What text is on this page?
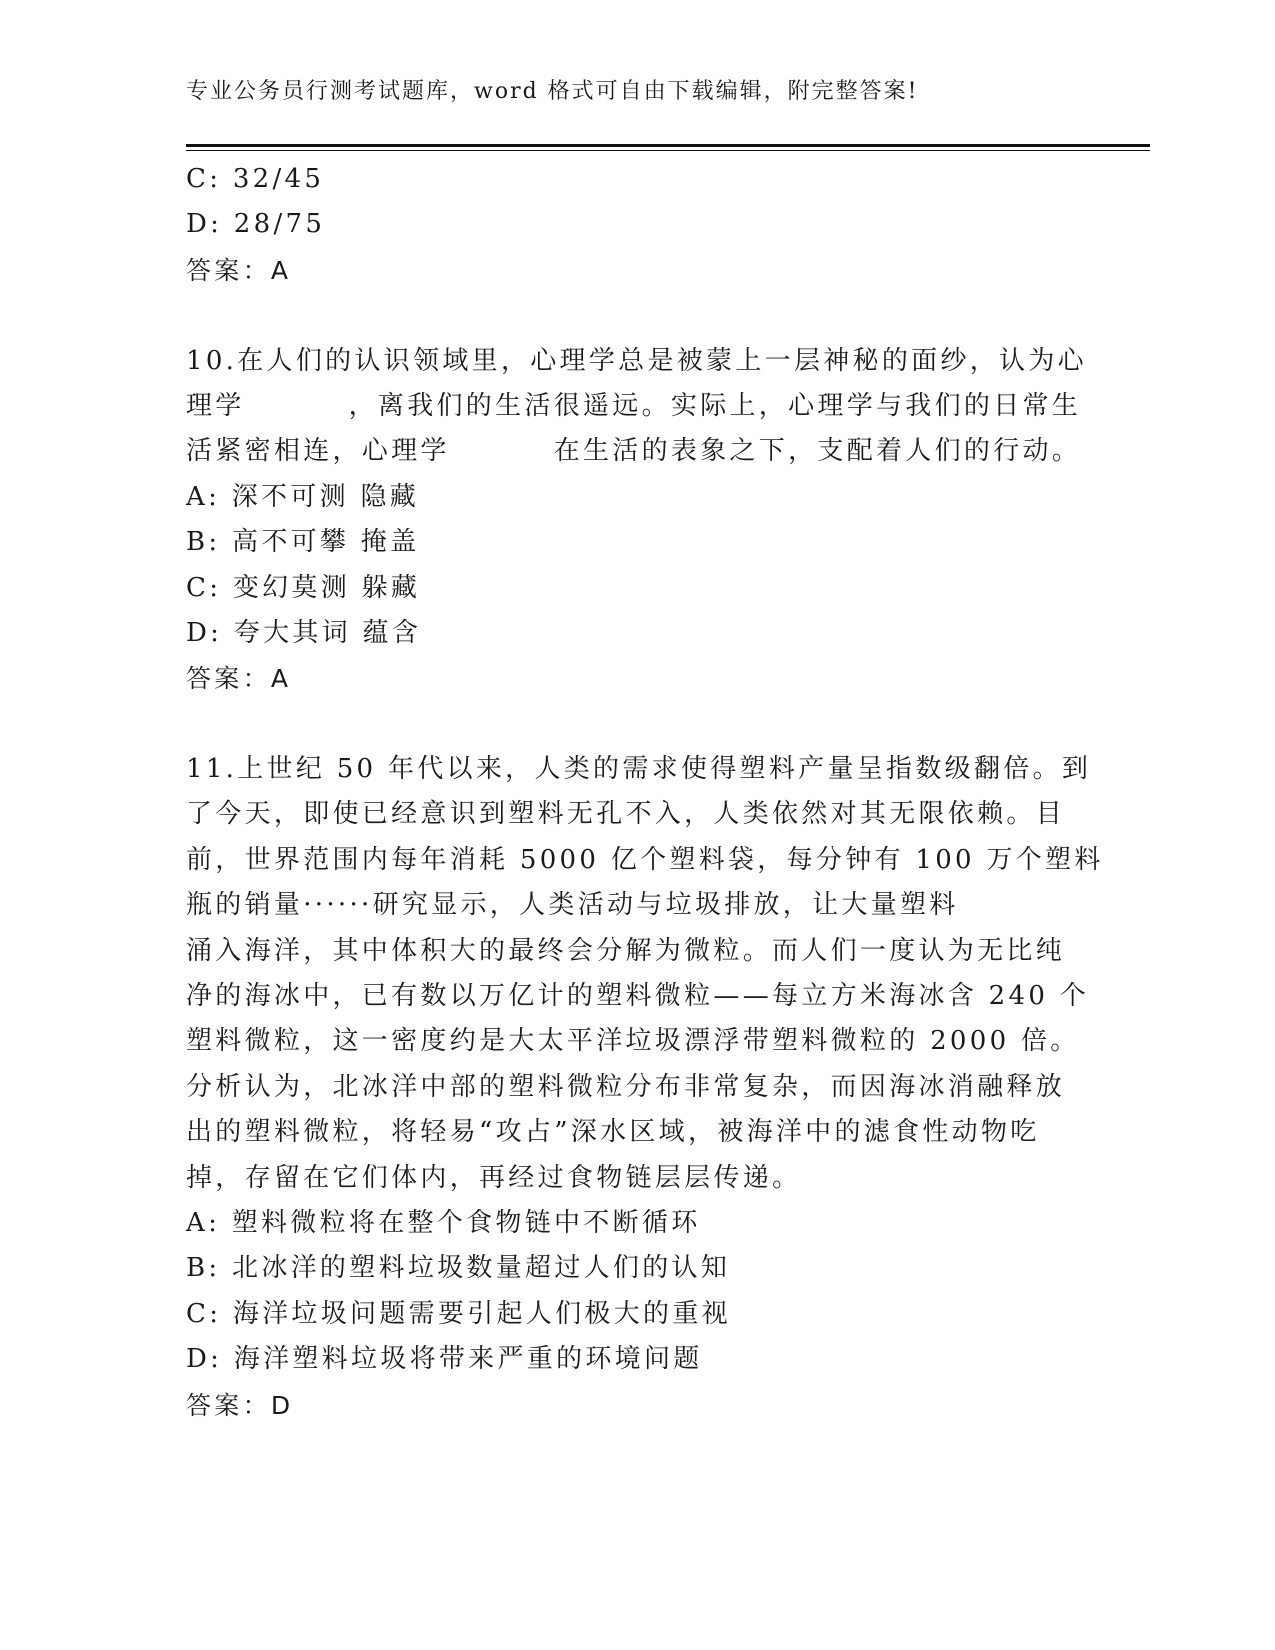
专业公务员行测考试题库，word 格式可自由下载编辑，附完整答案!
C: 32/45
D: 28/75
答案：A
10.在人们的认识领域里，心理学总是被蒙上一层神秘的面纱，认为心
理学	，离我们的生活很遥远。实际上，心理学与我们的日常生
活紧密相连，心理学	在生活的表象之下，支配着人们的行动。
A: 深不可测 隐藏
B: 高不可攀 掩盖
C: 变幻莫测 躲藏
D: 夸大其词 蕴含
答案：A
11.上世纪 50 年代以来，人类的需求使得塑料产量呈指数级翻倍。到
了今天，即使已经意识到塑料无孔不入，人类依然对其无限依赖。目
前，世界范围内每年消耗 5000 亿个塑料袋，每分钟有 100 万个塑料
瓶的销量······研究显示，人类活动与垃圾排放，让大量塑料
涌入海洋，其中体积大的最终会分解为微粒。而人们一度认为无比纯
净的海冰中，已有数以万亿计的塑料微粒——每立方米海冰含 240 个
塑料微粒，这一密度约是大太平洋垃圾漂浮带塑料微粒的 2000 倍。
分析认为，北冰洋中部的塑料微粒分布非常复杂，而因海冰消融释放
出的塑料微粒，将轻易“攻占”深水区域，被海洋中的滤食性动物吃
掉，存留在它们体内，再经过食物链层层传递。
A: 塑料微粒将在整个食物链中不断循环
B: 北冰洋的塑料垃圾数量超过人们的认知
C: 海洋垃圾问题需要引起人们极大的重视
D: 海洋塑料垃圾将带来严重的环境问题
答案：D
